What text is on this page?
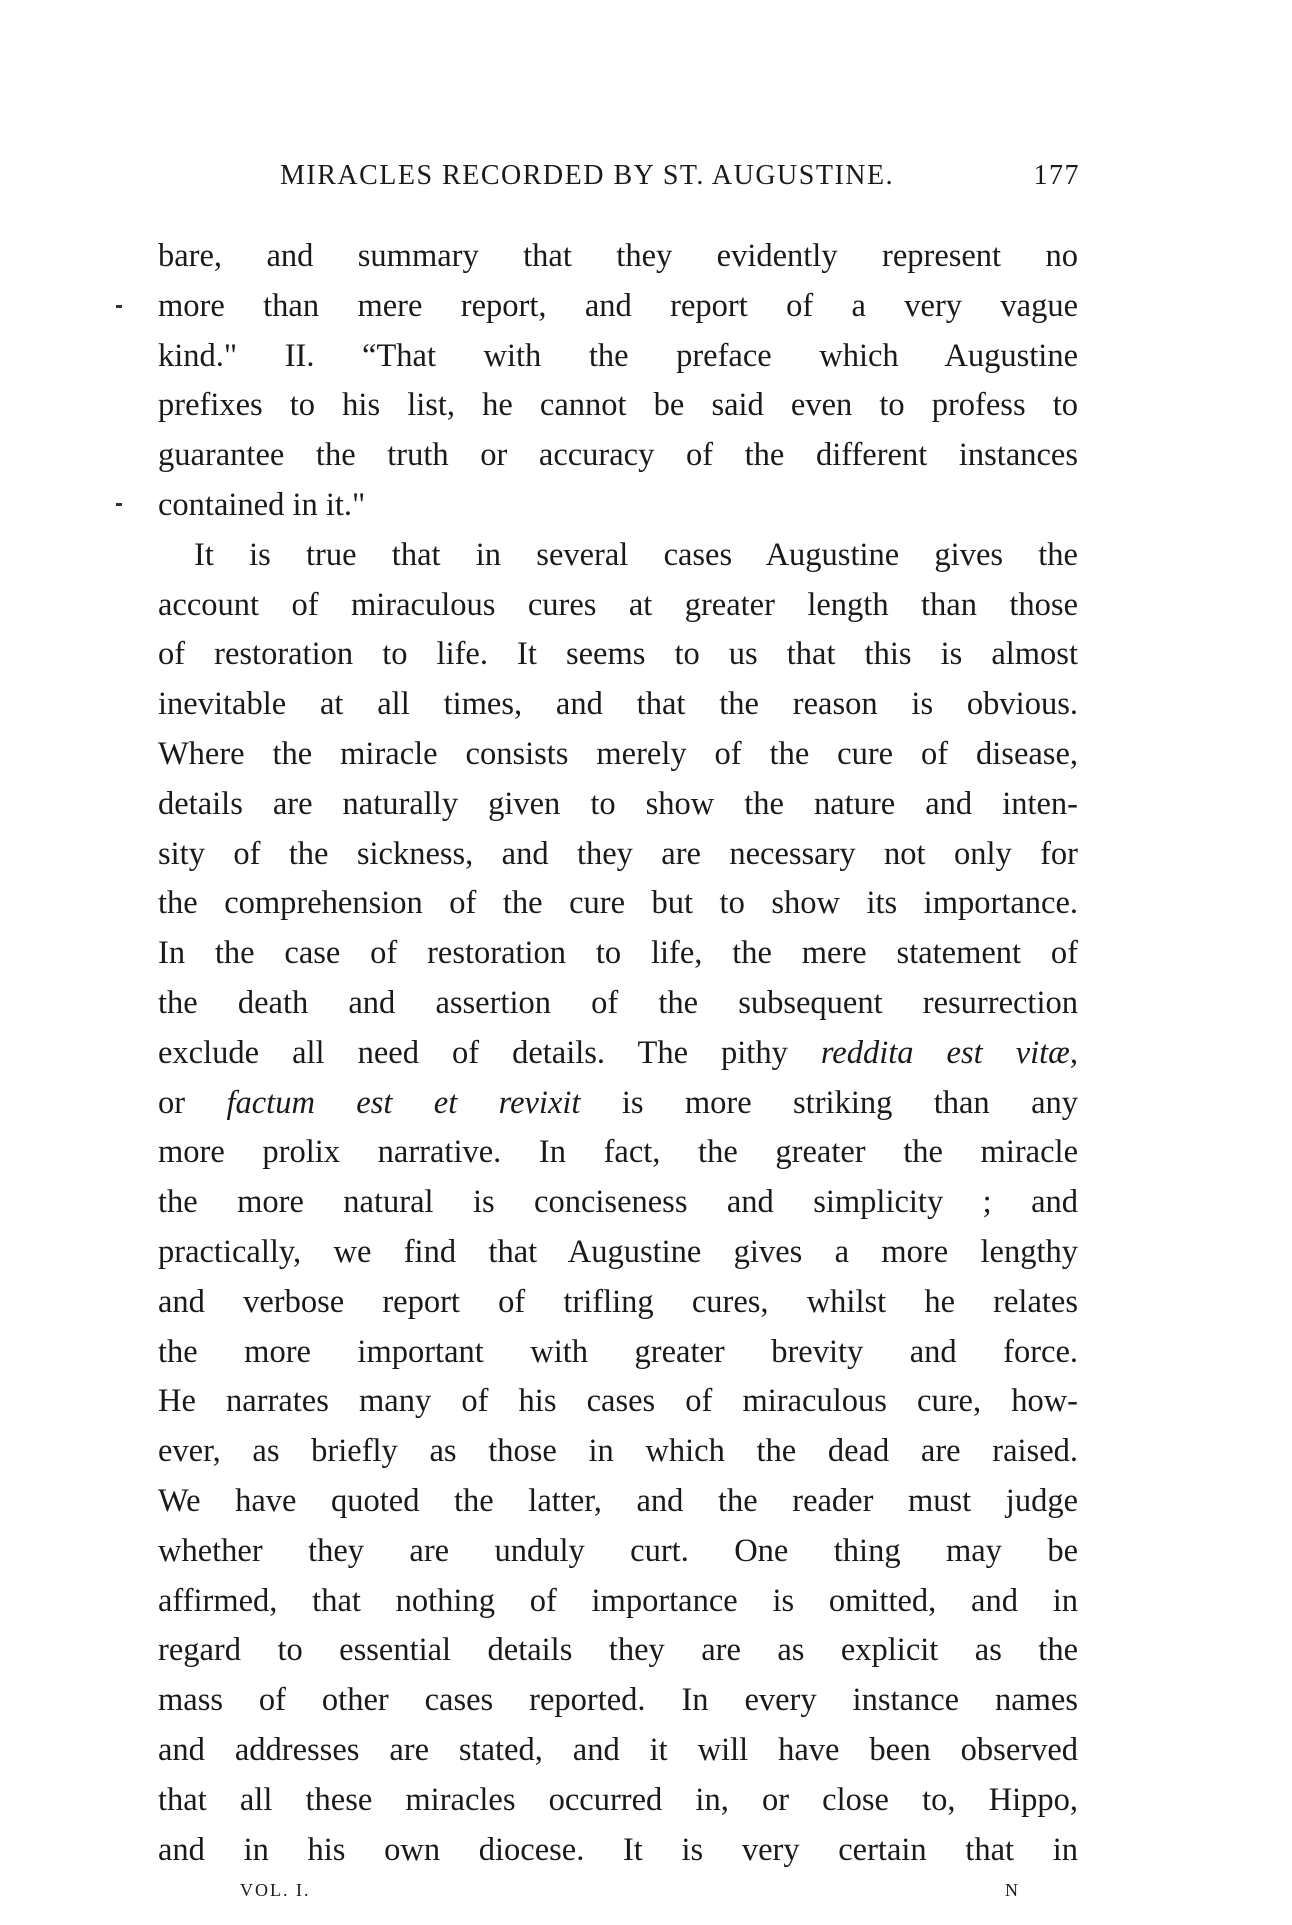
MIRACLES RECORDED BY ST. AUGUSTINE.	177
bare, and summary that they evidently represent no
more than mere report, and report of a very vague
kind." II. “That with the preface which Augustine
prefixes to his list, he cannot be said even to profess to
guarantee the truth or accuracy of the different instances
contained in it."
It is true that in several cases Augustine gives the
account of miraculous cures at greater length than those
of restoration to life. It seems to us that this is almost
inevitable at all times, and that the reason is obvious.
Where the miracle consists merely of the cure of disease,
details are naturally given to show the nature and inten-
sity of the sickness, and they are necessary not only for
the comprehension of the cure but to show its importance.
In the case of restoration to life, the mere statement of
the death and assertion of the subsequent resurrection
exclude all need of details. The pithy reddita est vitæ,
or factum est et revixit is more striking than any
more prolix narrative. In fact, the greater the miracle
the more natural is conciseness and simplicity ; and
practically, we find that Augustine gives a more lengthy
and verbose report of trifling cures, whilst he relates
the more important with greater brevity and force.
He narrates many of his cases of miraculous cure, how-
ever, as briefly as those in which the dead are raised.
We have quoted the latter, and the reader must judge
whether they are unduly curt. One thing may be
affirmed, that nothing of importance is omitted, and in
regard to essential details they are as explicit as the
mass of other cases reported. In every instance names
and addresses are stated, and it will have been observed
that all these miracles occurred in, or close to, Hippo,
and in his own diocese. It is very certain that in
VOL. I.	N
